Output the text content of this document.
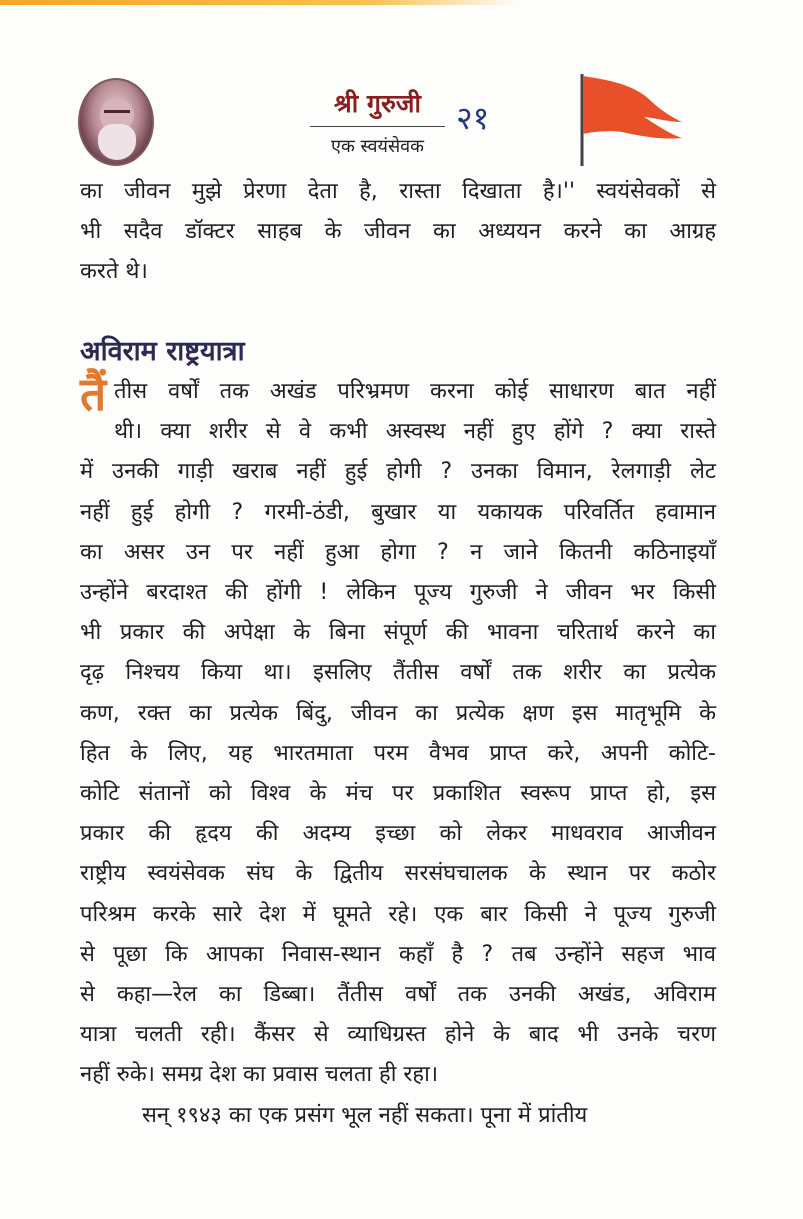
श्री गुरुजी
एक स्वयंसेवक
२१
का जीवन मुझे प्रेरणा देता है, रास्ता दिखाता है।'' स्वयंसेवकों से
भी सदैव डॉक्टर साहब के जीवन का अध्ययन करने का आग्रह
करते थे।
अविराम राष्ट्रयात्रा
तैं तीस वर्षों तक अखंड परिभ्रमण करना कोई साधारण बात नहीं
थी। क्या शरीर से वे कभी अस्वस्थ नहीं हुए होंगे ? क्या रास्ते
में उनकी गाड़ी खराब नहीं हुई होगी ? उनका विमान, रेलगाड़ी लेट
नहीं हुई होगी ? गरमी-ठंडी, बुखार या यकायक परिवर्तित हवामान
का असर उन पर नहीं हुआ होगा ? न जाने कितनी कठिनाइयाँ
उन्होंने बरदाश्त की होंगी ! लेकिन पूज्य गुरुजी ने जीवन भर किसी
भी प्रकार की अपेक्षा के बिना संपूर्ण की भावना चरितार्थ करने का
दृढ़ निश्चय किया था। इसलिए तैंतीस वर्षों तक शरीर का प्रत्येक
कण, रक्त का प्रत्येक बिंदु, जीवन का प्रत्येक क्षण इस मातृभूमि के
हित के लिए, यह भारतमाता परम वैभव प्राप्त करे, अपनी कोटि-
कोटि संतानों को विश्व के मंच पर प्रकाशित स्वरूप प्राप्त हो, इस
प्रकार की हृदय की अदम्य इच्छा को लेकर माधवराव आजीवन
राष्ट्रीय स्वयंसेवक संघ के द्वितीय सरसंघचालक के स्थान पर कठोर
परिश्रम करके सारे देश में घूमते रहे। एक बार किसी ने पूज्य गुरुजी
से पूछा कि आपका निवास-स्थान कहाँ है ? तब उन्होंने सहज भाव
से कहा—रेल का डिब्बा। तैंतीस वर्षों तक उनकी अखंड, अविराम
यात्रा चलती रही। कैंसर से व्याधिग्रस्त होने के बाद भी उनके चरण
नहीं रुके। समग्र देश का प्रवास चलता ही रहा।
सन् १९४३ का एक प्रसंग भूल नहीं सकता। पूना में प्रांतीय
